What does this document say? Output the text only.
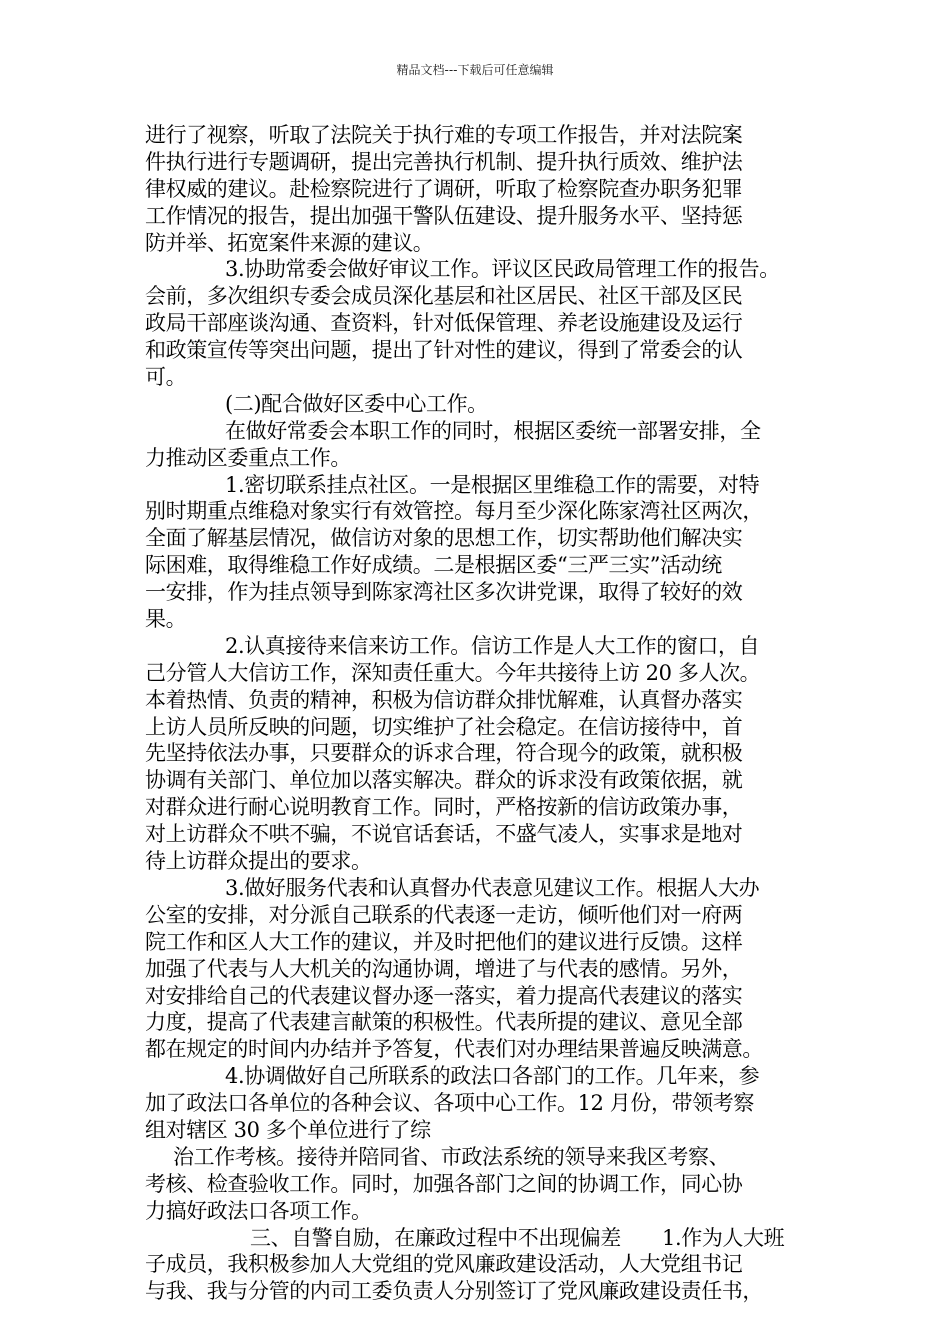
精品文档---下载后可任意编辑
进行了视察，听取了法院关于执行难的专项工作报告，并对法院案
件执行进行专题调研，提出完善执行机制、提升执行质效、维护法
律权威的建议。赴检察院进行了调研，听取了检察院查办职务犯罪
工作情况的报告，提出加强干警队伍建设、提升服务水平、坚持惩
防并举、拓宽案件来源的建议。
3.协助常委会做好审议工作。评议区民政局管理工作的报告。
会前，多次组织专委会成员深化基层和社区居民、社区干部及区民
政局干部座谈沟通、查资料，针对低保管理、养老设施建设及运行
和政策宣传等突出问题，提出了针对性的建议，得到了常委会的认
可。
(二)配合做好区委中心工作。
在做好常委会本职工作的同时，根据区委统一部署安排，全
力推动区委重点工作。
1.密切联系挂点社区。一是根据区里维稳工作的需要，对特
别时期重点维稳对象实行有效管控。每月至少深化陈家湾社区两次，
全面了解基层情况，做信访对象的思想工作，切实帮助他们解决实
际困难，取得维稳工作好成绩。二是根据区委“三严三实”活动统
一安排，作为挂点领导到陈家湾社区多次讲党课，取得了较好的效
果。
2.认真接待来信来访工作。信访工作是人大工作的窗口，自
己分管人大信访工作，深知责任重大。今年共接待上访 20 多人次。
本着热情、负责的精神，积极为信访群众排忧解难，认真督办落实
上访人员所反映的问题，切实维护了社会稳定。在信访接待中，首
先坚持依法办事，只要群众的诉求合理，符合现今的政策，就积极
协调有关部门、单位加以落实解决。群众的诉求没有政策依据，就
对群众进行耐心说明教育工作。同时，严格按新的信访政策办事，
对上访群众不哄不骗，不说官话套话，不盛气凌人，实事求是地对
待上访群众提出的要求。
3.做好服务代表和认真督办代表意见建议工作。根据人大办
公室的安排，对分派自己联系的代表逐一走访，倾听他们对一府两
院工作和区人大工作的建议，并及时把他们的建议进行反馈。这样
加强了代表与人大机关的沟通协调，增进了与代表的感情。另外，
对安排给自己的代表建议督办逐一落实，着力提高代表建议的落实
力度，提高了代表建言献策的积极性。代表所提的建议、意见全部
都在规定的时间内办结并予答复，代表们对办理结果普遍反映满意。
4.协调做好自己所联系的政法口各部门的工作。几年来，参
加了政法口各单位的各种会议、各项中心工作。12 月份，带领考察
组对辖区 30 多个单位进行了综
治工作考核。接待并陪同省、市政法系统的领导来我区考察、
考核、检查验收工作。同时，加强各部门之间的协调工作，同心协
力搞好政法口各项工作。
三、自警自励，在廉政过程中不出现偏差　　1.作为人大班
子成员，我积极参加人大党组的党风廉政建设活动，人大党组书记
与我、我与分管的内司工委负责人分别签订了党风廉政建设责任书，
